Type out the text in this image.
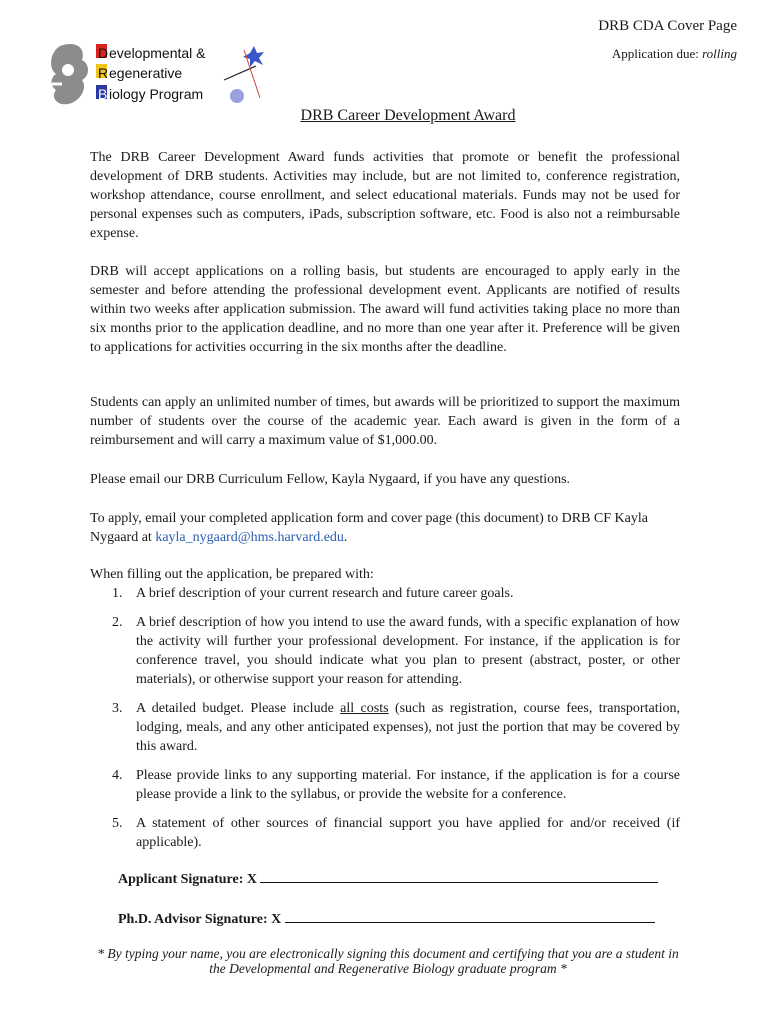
DRB CDA Cover Page
Application due: rolling
Developmental &
Regenerative
B iology Program
DRB Career Development Award
The DRB Career Development Award funds activities that promote or benefit the professional development of DRB students. Activities may include, but are not limited to, conference registration, workshop attendance, course enrollment, and select educational materials. Funds may not be used for personal expenses such as computers, iPads, subscription software, etc. Food is also not a reimbursable expense.
DRB will accept applications on a rolling basis, but students are encouraged to apply early in the semester and before attending the professional development event. Applicants are notified of results within two weeks after application submission. The award will fund activities taking place no more than six months prior to the application deadline, and no more than one year after it. Preference will be given to applications for activities occurring in the six months after the deadline.
Students can apply an unlimited number of times, but awards will be prioritized to support the maximum number of students over the course of the academic year. Each award is given in the form of a reimbursement and will carry a maximum value of $1,000.00.
Please email our DRB Curriculum Fellow, Kayla Nygaard, if you have any questions.
To apply, email your completed application form and cover page (this document) to DRB CF Kayla Nygaard at kayla_nygaard@hms.harvard.edu.
When filling out the application, be prepared with:
1. A brief description of your current research and future career goals.
2. A brief description of how you intend to use the award funds, with a specific explanation of how the activity will further your professional development. For instance, if the application is for conference travel, you should indicate what you plan to present (abstract, poster, or other materials), or otherwise support your reason for attending.
3. A detailed budget. Please include all costs (such as registration, course fees, transportation, lodging, meals, and any other anticipated expenses), not just the portion that may be covered by this award.
4. Please provide links to any supporting material. For instance, if the application is for a course please provide a link to the syllabus, or provide the website for a conference.
5. A statement of other sources of financial support you have applied for and/or received (if applicable).
Applicant Signature: X
Ph.D. Advisor Signature: X
* By typing your name, you are electronically signing this document and certifying that you are a student in the Developmental and Regenerative Biology graduate program *
